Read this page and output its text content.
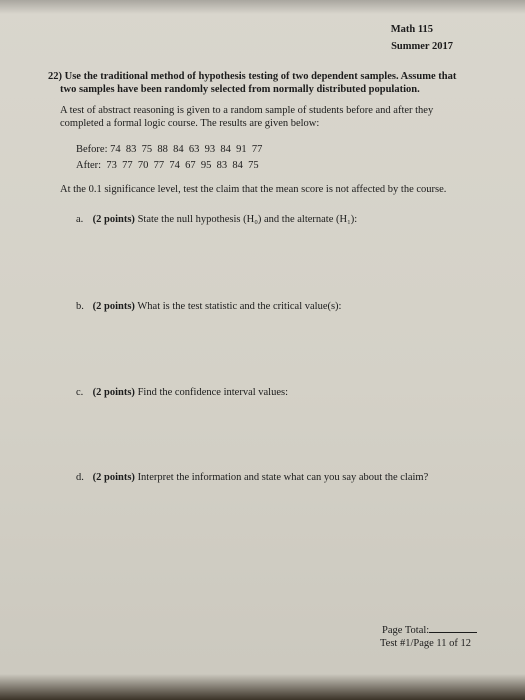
Math 115
Summer 2017
22) Use the traditional method of hypothesis testing of two dependent samples. Assume that
two samples have been randomly selected from normally distributed population.
A test of abstract reasoning is given to a random sample of students before and after they
completed a formal logic course. The results are given below:
Before: 74  83  75  88  84  63  93  84  91  77
After:  73  77  70  77  74  67  95  83  84  75
At the 0.1 significance level, test the claim that the mean score is not affected by the course.
a. (2 points) State the null hypothesis (H₀) and the alternate (H₁):
b. (2 points) What is the test statistic and the critical value(s):
c. (2 points) Find the confidence interval values:
d. (2 points) Interpret the information and state what can you say about the claim?
Page Total:
Test #1/Page 11 of 12
